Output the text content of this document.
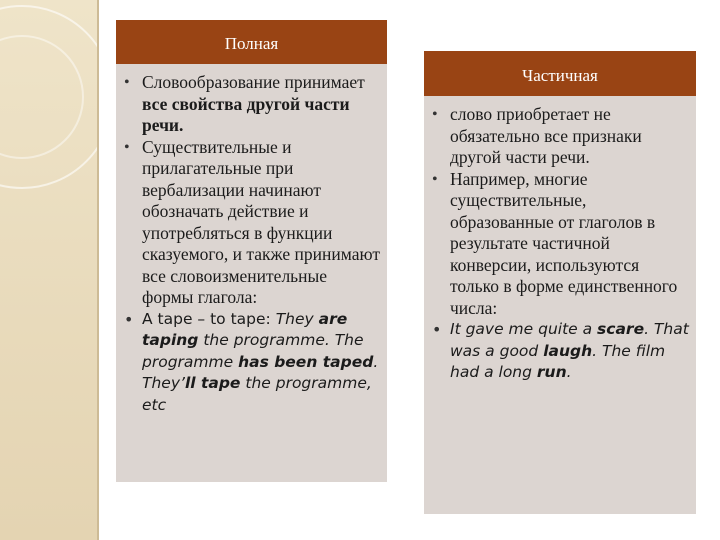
Полная
• Словообразование принимает все свойства другой части речи.
• Существительные и прилагательные при вербализации начинают обозначать действие и употребляться в функции сказуемого, и также принимают все словоизменительные формы глагола:
• A tape – to tape: They are taping the programme. The programme has been taped. They’ll tape the programme, etc
Частичная
• слово приобретает не обязательно все признаки другой части речи.
• Например, многие существительные, образованные от глаголов в результате частичной конверсии, используются только в форме единственного числа:
• It gave me quite a scare. That was a good laugh. The film had a long run.
